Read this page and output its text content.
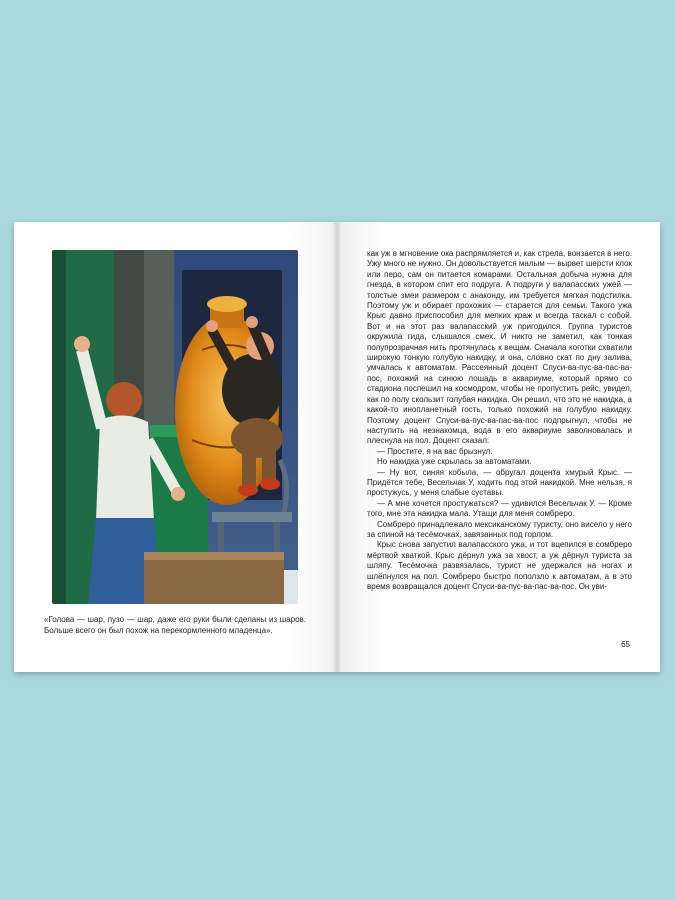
«Голова — шар, пузо — шар, даже его руки были сделаны из шаров. Больше всего он был похож на перекормленного младенца».

как уж в мгновение ока распрямляется и, как стрела, вонзается в него. Ужу много не нужно. Он довольствуется малым — вырвет шерсти клок или перо, сам он питается комарами. Остальная добыча нужна для гнезда, в котором спит его подруга. А подруги у валапасских ужей — толстые змеи размером с анаконду, им требуется мягкая подстилка. Поэтому уж и обирает прохожих — старается для семьи. Такого ужа Крыс давно приспособил для мелких краж и всегда таскал с собой. Вот и на этот раз валапасский уж пригодился. Группа туристов окружила гида, слышался смех. И никто не заметил, как тонкая полупрозрачная нить протянулась к вещам. Сначала коготки схватили широкую тонкую голубую накидку, и она, словно скат по дну залива, умчалась к автоматам. Рассеянный доцент Спуси-ва-пус-ва-пас-ва-пос, похожий на синюю лошадь в аквариуме, который прямо со стадиона поспешил на космодром, чтобы не пропустить рейс, увидел, как по полу скользит голубая накидка. Он решил, что это не накидка, а какой-то инопланетный гость, только похожий на голубую накидку. Поэтому доцент Спуси-ва-пус-ва-пас-ва-пос подпрыгнул, чтобы не наступить на незнакомца, вода в его аквариуме заволновалась и плеснула на пол. Доцент сказал:

— Простите, я на вас брызнул.

Но накидка уже скрылась за автоматами.

— Ну вот, синяя кобыла, — обругал доцента хмурый Крыс. — Придётся тебе, Весельчак У, ходить под этой накидкой. Мне нельзя, я простужусь, у меня слабые суставы.

— А мне хочется простужаться? — удивился Весельчак У. — Кроме того, мне эта накидка мала. Утащи для меня сомбреро.

Сомбреро принадлежало мексиканскому туристу, оно висело у него за спиной на тесёмочках, завязанных под горлом.

Крыс снова запустил валапасского ужа, и тот вцепился в сомбреро мёртвой хваткой. Крыс дёрнул ужа за хвост, а уж дёрнул туриста за шляпу. Тесёмочка развязалась, турист не удержался на ногах и шлёпнулся на пол. Сомбреро быстро поползло к автоматам, а в это время возвращался доцент Спуси-ва-пус-ва-пас-ва-пос. Он уви-

65
